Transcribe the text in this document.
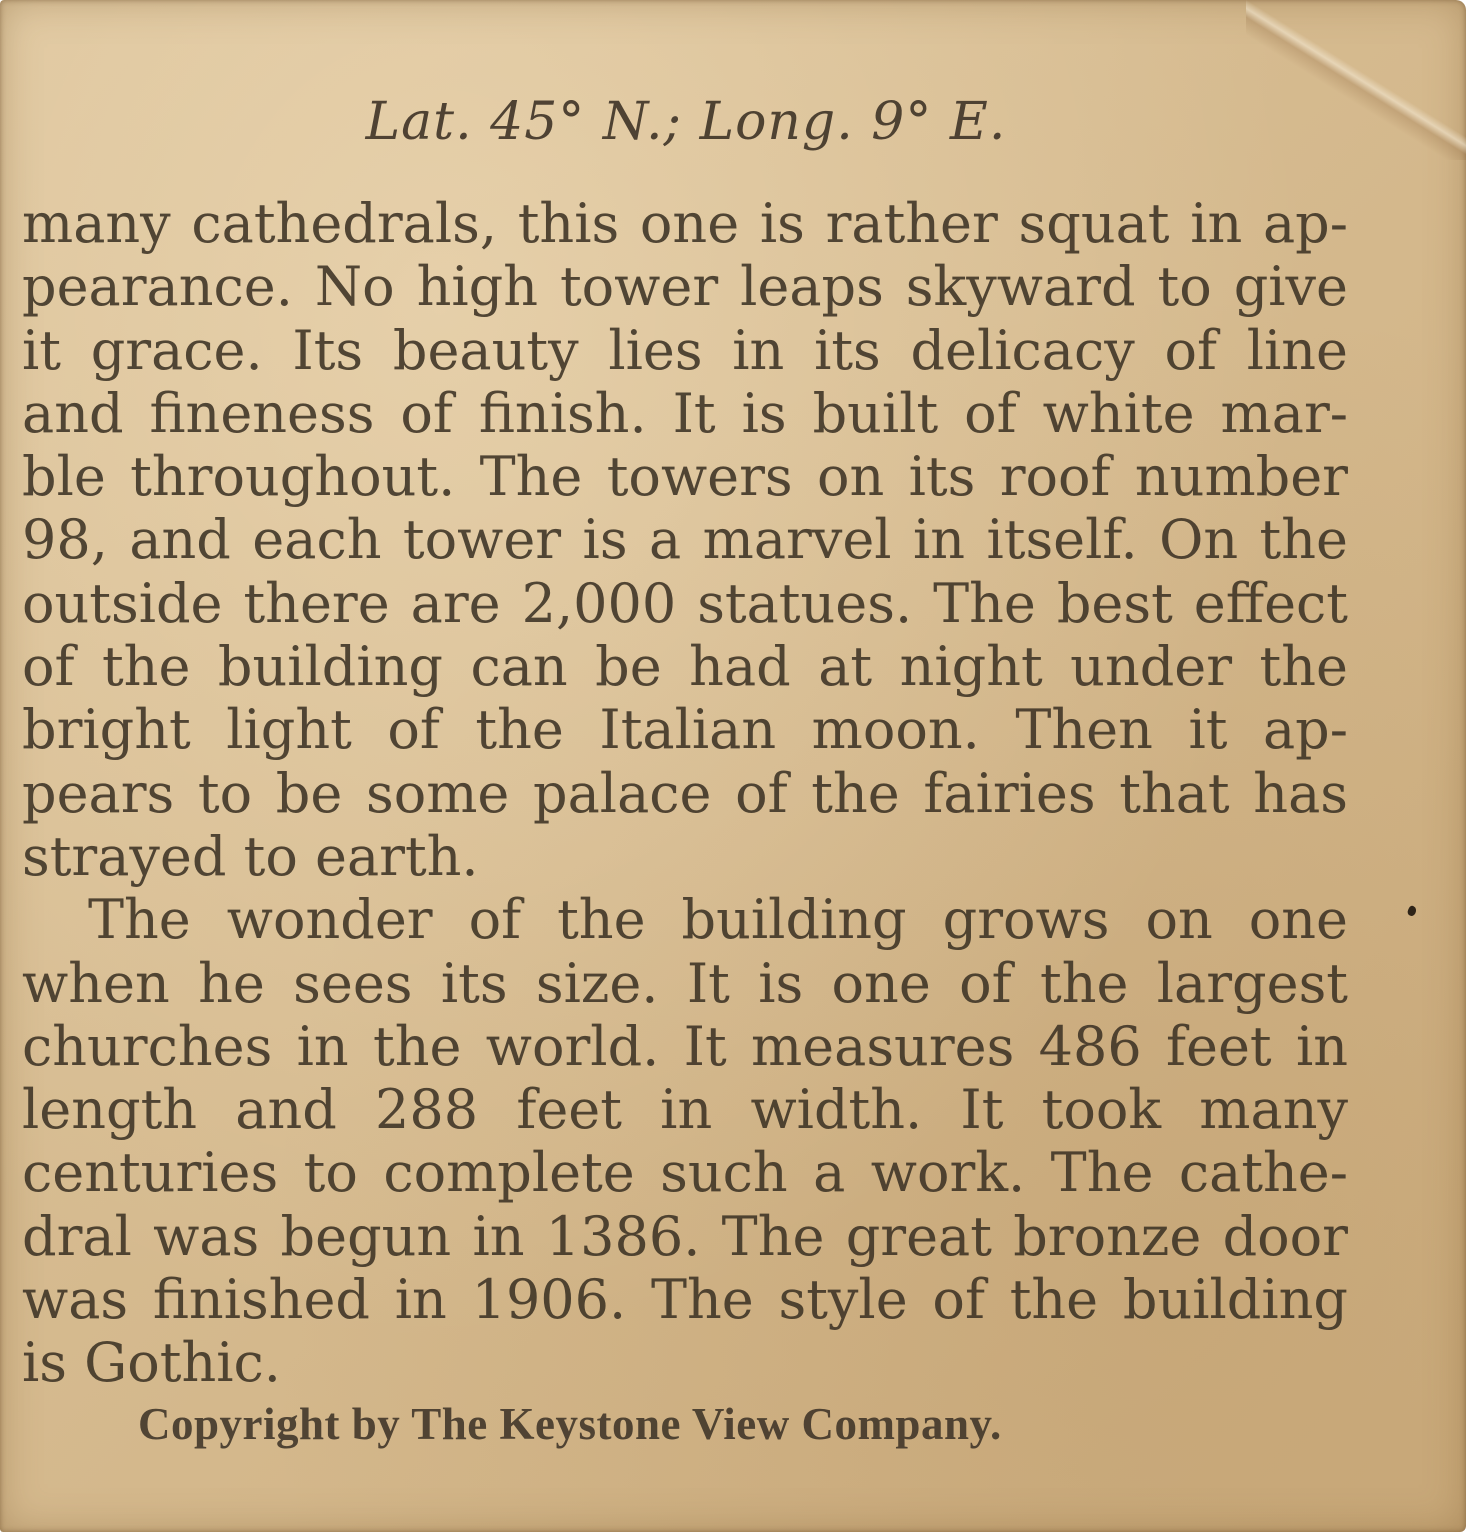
Lat. 45° N.; Long. 9° E.
many cathedrals, this one is rather squat in ap-
pearance. No high tower leaps skyward to give
it grace. Its beauty lies in its delicacy of line
and fineness of finish. It is built of white mar-
ble throughout. The towers on its roof number
98, and each tower is a marvel in itself. On the
outside there are 2,000 statues. The best effect
of the building can be had at night under the
bright light of the Italian moon. Then it ap-
pears to be some palace of the fairies that has
strayed to earth.
The wonder of the building grows on one
when he sees its size. It is one of the largest
churches in the world. It measures 486 feet in
length and 288 feet in width. It took many
centuries to complete such a work. The cathe-
dral was begun in 1386. The great bronze door
was finished in 1906. The style of the building
is Gothic.
Copyright by The Keystone View Company.
